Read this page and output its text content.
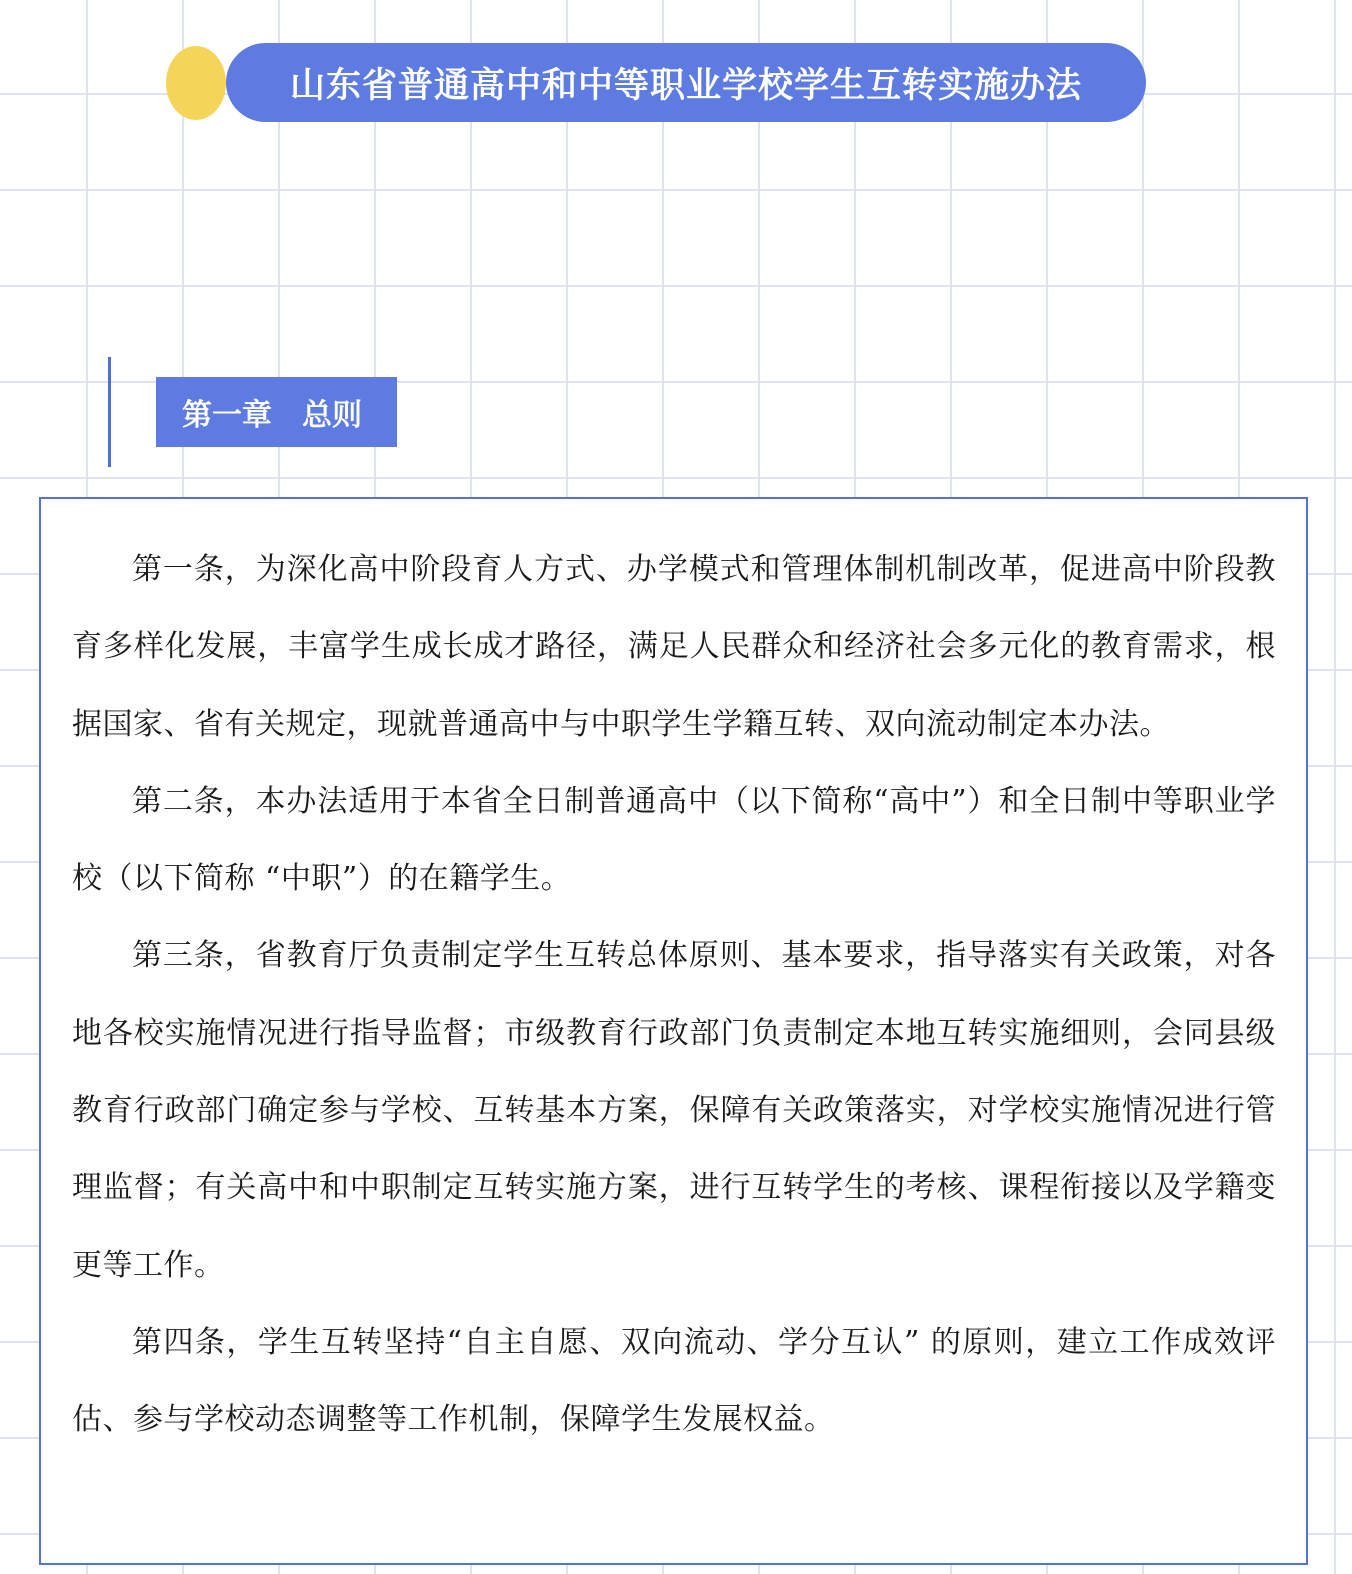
山东省普通高中和中等职业学校学生互转实施办法
第一章　总则

第一条，为深化高中阶段育人方式、办学模式和管理体制机制改革，促进高中阶段教育多样化发展，丰富学生成长成才路径，满足人民群众和经济社会多元化的教育需求，根据国家、省有关规定，现就普通高中与中职学生学籍互转、双向流动制定本办法。

第二条，本办法适用于本省全日制普通高中（以下简称“高中”）和全日制中等职业学校（以下简称 “中职”）的在籍学生。

第三条，省教育厅负责制定学生互转总体原则、基本要求，指导落实有关政策，对各地各校实施情况进行指导监督；市级教育行政部门负责制定本地互转实施细则，会同县级教育行政部门确定参与学校、互转基本方案，保障有关政策落实，对学校实施情况进行管理监督；有关高中和中职制定互转实施方案，进行互转学生的考核、课程衔接以及学籍变更等工作。

第四条，学生互转坚持“自主自愿、双向流动、学分互认” 的原则，建立工作成效评估、参与学校动态调整等工作机制，保障学生发展权益。
